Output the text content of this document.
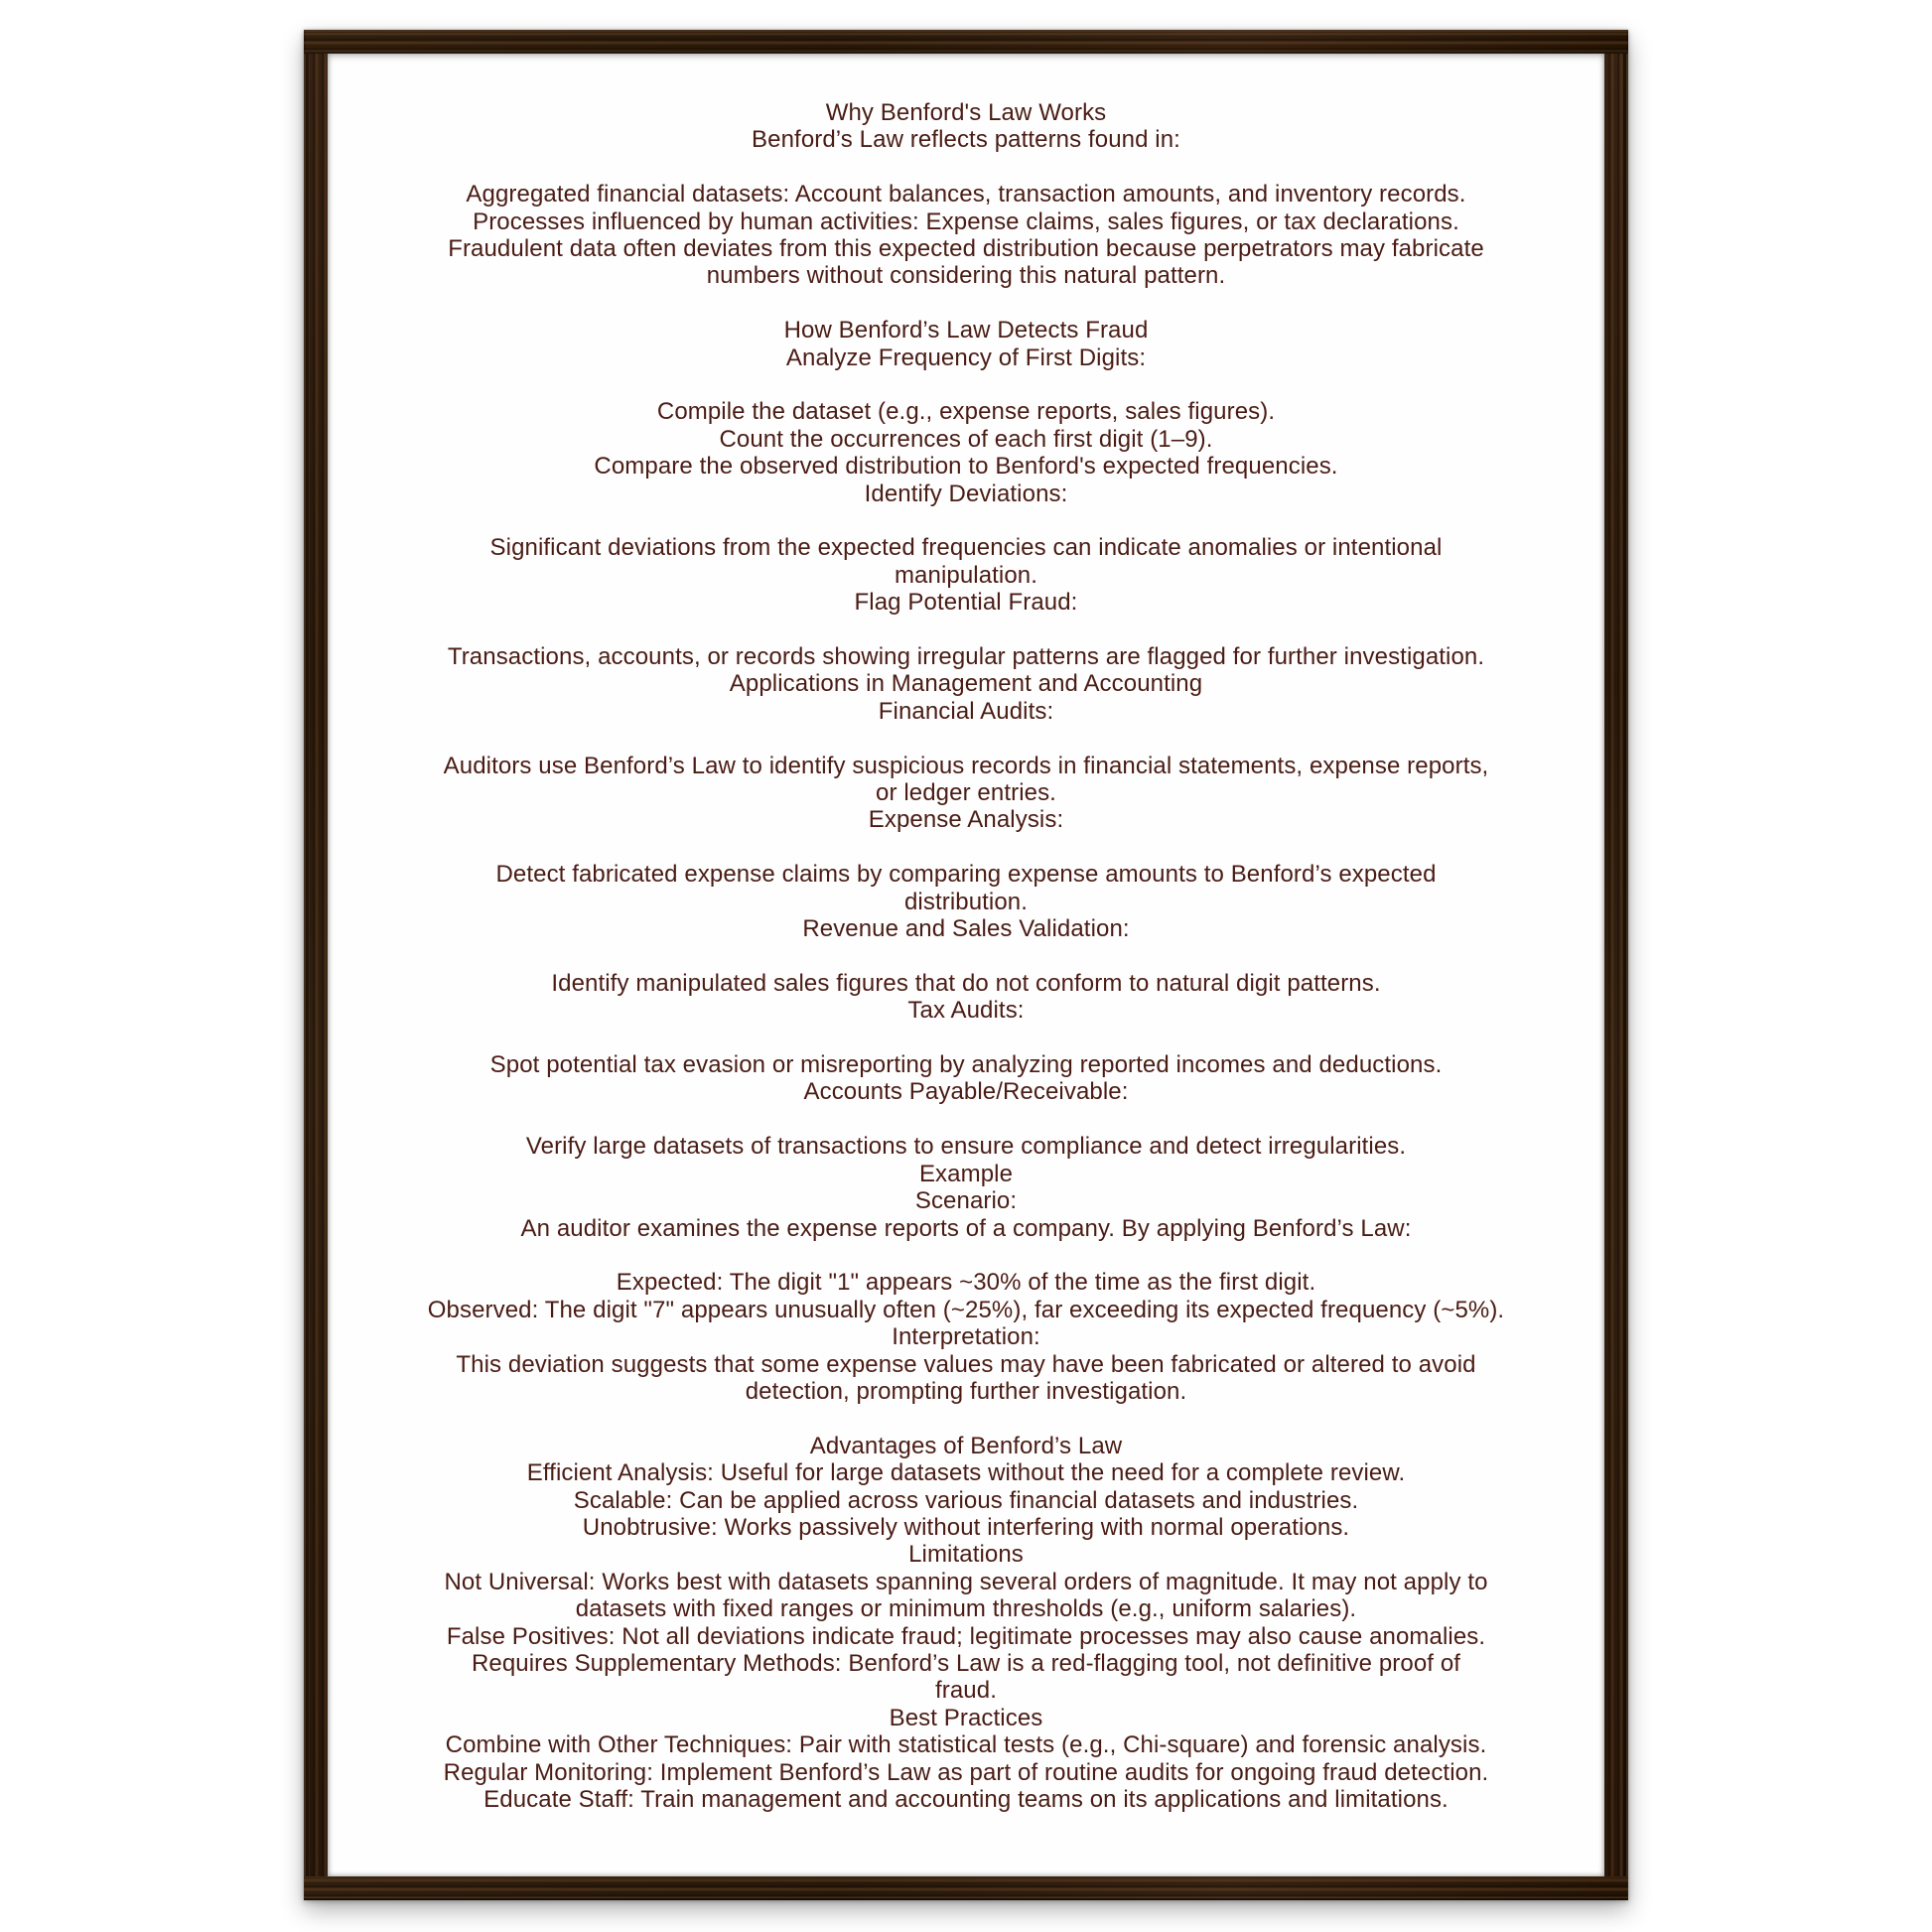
Why Benford's Law Works
Benford’s Law reflects patterns found in:
Aggregated financial datasets: Account balances, transaction amounts, and inventory records.
Processes influenced by human activities: Expense claims, sales figures, or tax declarations.
Fraudulent data often deviates from this expected distribution because perpetrators may fabricate
numbers without considering this natural pattern.
How Benford’s Law Detects Fraud
Analyze Frequency of First Digits:
Compile the dataset (e.g., expense reports, sales figures).
Count the occurrences of each first digit (1–9).
Compare the observed distribution to Benford's expected frequencies.
Identify Deviations:
Significant deviations from the expected frequencies can indicate anomalies or intentional
manipulation.
Flag Potential Fraud:
Transactions, accounts, or records showing irregular patterns are flagged for further investigation.
Applications in Management and Accounting
Financial Audits:
Auditors use Benford’s Law to identify suspicious records in financial statements, expense reports,
or ledger entries.
Expense Analysis:
Detect fabricated expense claims by comparing expense amounts to Benford’s expected
distribution.
Revenue and Sales Validation:
Identify manipulated sales figures that do not conform to natural digit patterns.
Tax Audits:
Spot potential tax evasion or misreporting by analyzing reported incomes and deductions.
Accounts Payable/Receivable:
Verify large datasets of transactions to ensure compliance and detect irregularities.
Example
Scenario:
An auditor examines the expense reports of a company. By applying Benford’s Law:
Expected: The digit "1" appears ~30% of the time as the first digit.
Observed: The digit "7" appears unusually often (~25%), far exceeding its expected frequency (~5%).
Interpretation:
This deviation suggests that some expense values may have been fabricated or altered to avoid
detection, prompting further investigation.
Advantages of Benford’s Law
Efficient Analysis: Useful for large datasets without the need for a complete review.
Scalable: Can be applied across various financial datasets and industries.
Unobtrusive: Works passively without interfering with normal operations.
Limitations
Not Universal: Works best with datasets spanning several orders of magnitude. It may not apply to
datasets with fixed ranges or minimum thresholds (e.g., uniform salaries).
False Positives: Not all deviations indicate fraud; legitimate processes may also cause anomalies.
Requires Supplementary Methods: Benford’s Law is a red-flagging tool, not definitive proof of
fraud.
Best Practices
Combine with Other Techniques: Pair with statistical tests (e.g., Chi-square) and forensic analysis.
Regular Monitoring: Implement Benford’s Law as part of routine audits for ongoing fraud detection.
Educate Staff: Train management and accounting teams on its applications and limitations.
